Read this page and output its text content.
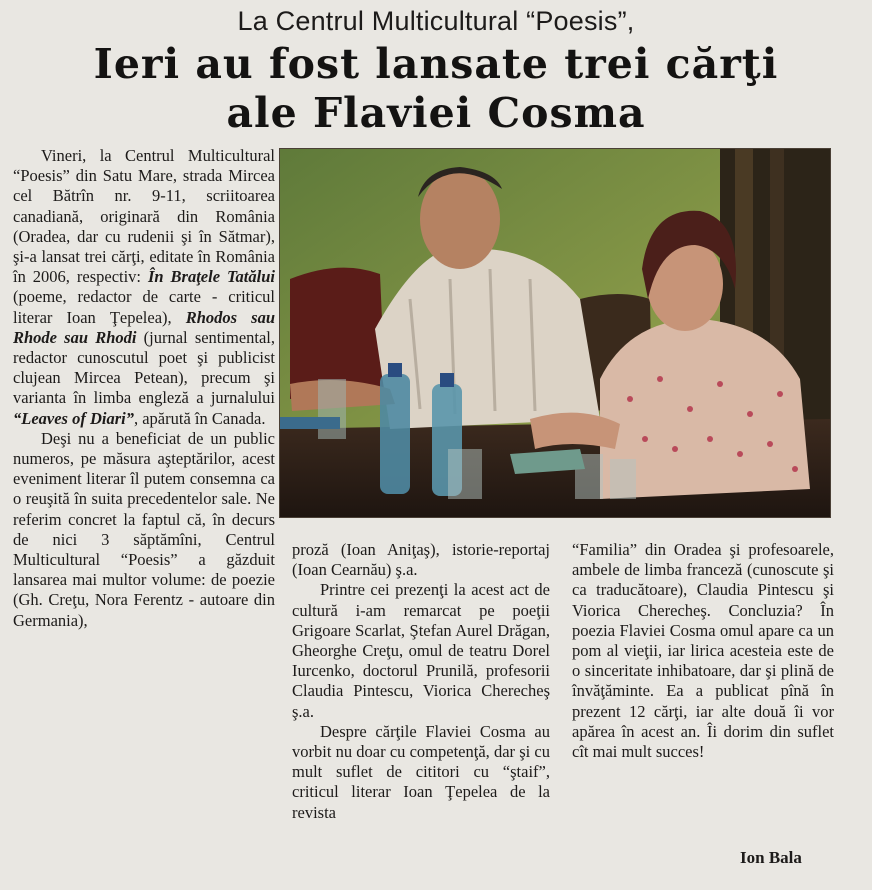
La Centrul Multicultural “Poesis”,
Ieri au fost lansate trei cărţi
ale Flaviei Cosma

Vineri, la Centrul Multicultural “Poesis” din Satu Mare, strada Mircea cel Bătrîn nr. 9-11, scriitoarea canadiană, originară din România (Oradea, dar cu rudenii şi în Sătmar), şi-a lansat trei cărţi, editate în România în 2006, respectiv: În Braţele Tatălui (poeme, redactor de carte - criticul literar Ioan Ţepelea), Rhodos sau Rhode sau Rhodi (jurnal sentimental, redactor cunoscutul poet şi publicist clujean Mircea Petean), precum şi varianta în limba engleză a jurnalului “Leaves of Diari”, apărută în Canada.

Deşi nu a beneficiat de un public numeros, pe măsura aşteptărilor, acest eveniment literar îl putem consemna ca o reuşită în suita precedentelor sale. Ne referim concret la faptul că, în decurs de nici 3 săptămîni, Centrul Multicultural “Poesis” a găzduit lansarea mai multor volume: de poezie (Gh. Creţu, Nora Ferentz - autoare din Germania),

proză (Ioan Aniţaş), istorie-reportaj (Ioan Cearnău) ş.a.

Printre cei prezenţi la acest act de cultură i-am remarcat pe poeţii Grigoare Scarlat, Ştefan Aurel Drăgan, Gheorghe Creţu, omul de teatru Dorel Iurcenko, doctorul Prunilă, profesorii Claudia Pintescu, Viorica Cherecheş ş.a.

Despre cărţile Flaviei Cosma au vorbit nu doar cu competenţă, dar şi cu mult suflet de cititori cu “ştaif”, criticul literar Ioan Ţepelea de la revista

“Familia” din Oradea şi profesoarele, ambele de limba franceză (cunoscute şi ca traducătoare), Claudia Pintescu şi Viorica Cherecheş. Concluzia? În poezia Flaviei Cosma omul apare ca un pom al vieţii, iar lirica acesteia este de o sinceritate inhibatoare, dar şi plină de învăţăminte. Ea a publicat pînă în prezent 12 cărţi, iar alte două îi vor apărea în acest an. Îi dorim din suflet cît mai mult succes!

Ion Bala
